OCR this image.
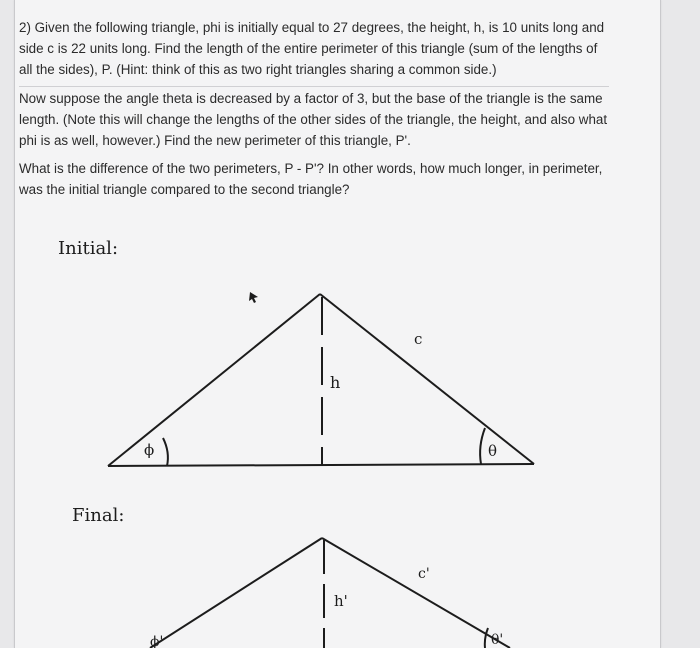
2) Given the following triangle, phi is initially equal to 27 degrees, the height, h, is 10 units long and side c is 22 units long. Find the length of the entire perimeter of this triangle (sum of the lengths of all the sides), P. (Hint: think of this as two right triangles sharing a common side.)
Now suppose the angle theta is decreased by a factor of 3, but the base of the triangle is the same length. (Note this will change the lengths of the other sides of the triangle, the height, and also what phi is as well, however.) Find the new perimeter of this triangle, P'.
What is the difference of the two perimeters, P - P'? In other words, how much longer, in perimeter, was the initial triangle compared to the second triangle?
Initial:
Final:
ϕ	θ
h
c
ϕ'	θ'
h'
c'
